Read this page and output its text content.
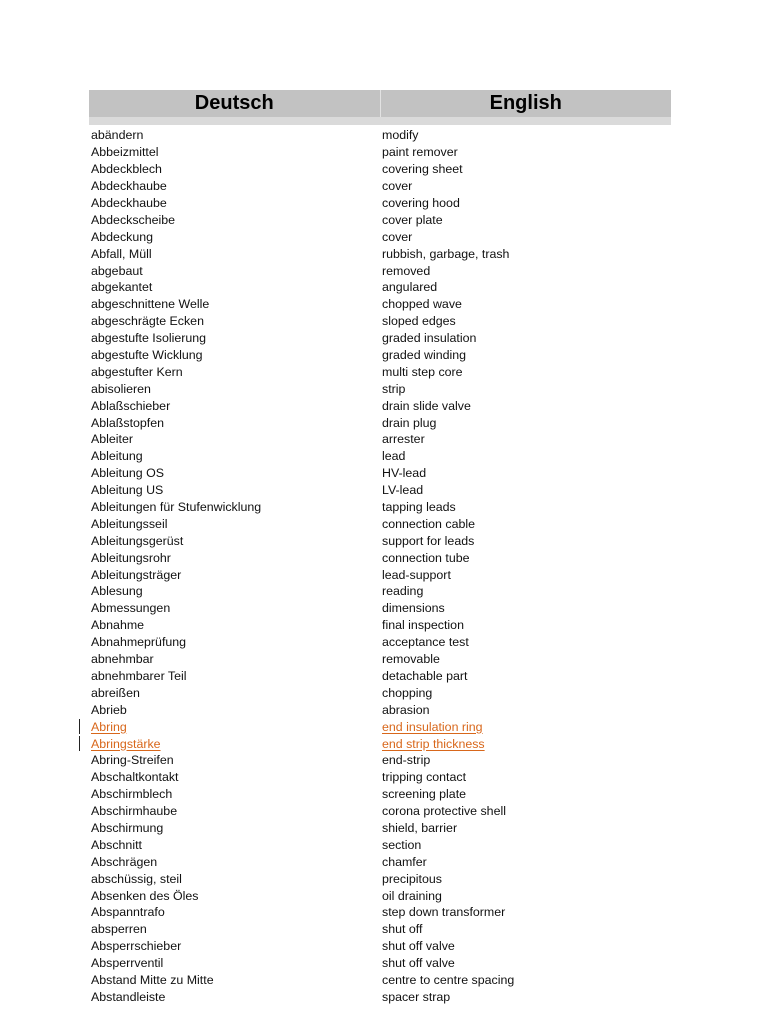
Deutsch	English
abändern	modify
Abbeizmittel	paint remover
Abdeckblech	covering sheet
Abdeckhaube	cover
Abdeckhaube	covering hood
Abdeckscheibe	cover plate
Abdeckung	cover
Abfall, Müll	rubbish, garbage, trash
abgebaut	removed
abgekantet	angulared
abgeschnittene Welle	chopped wave
abgeschrägte Ecken	sloped edges
abgestufte Isolierung	graded insulation
abgestufte Wicklung	graded winding
abgestufter Kern	multi step core
abisolieren	strip
Ablaßschieber	drain slide valve
Ablaßstopfen	drain plug
Ableiter	arrester
Ableitung	lead
Ableitung OS	HV-lead
Ableitung US	LV-lead
Ableitungen für Stufenwicklung	tapping leads
Ableitungsseil	connection cable
Ableitungsgerüst	support for leads
Ableitungsrohr	connection tube
Ableitungsträger	lead-support
Ablesung	reading
Abmessungen	dimensions
Abnahme	final inspection
Abnahmeprüfung	acceptance test
abnehmbar	removable
abnehmbarer Teil	detachable part
abreißen	chopping
Abrieb	abrasion
Abring	end insulation ring
Abringstärke	end strip thickness
Abring-Streifen	end-strip
Abschaltkontakt	tripping contact
Abschirmblech	screening plate
Abschirmhaube	corona protective shell
Abschirmung	shield, barrier
Abschnitt	section
Abschrägen	chamfer
abschüssig, steil	precipitous
Absenken des Öles	oil draining
Abspanntrafo	step down transformer
absperren	shut off
Absperrschieber	shut off valve
Absperrventil	shut off valve
Abstand Mitte zu Mitte	centre to centre spacing
Abstandleiste	spacer strap
